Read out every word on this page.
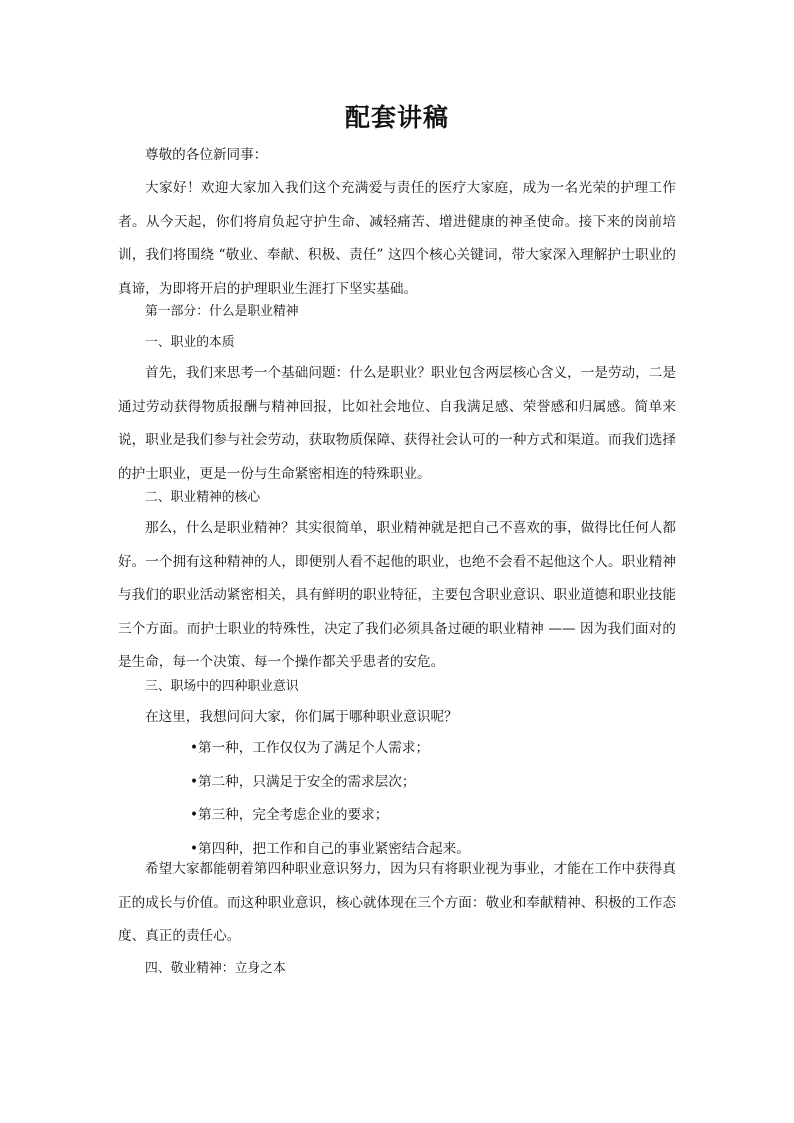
配套讲稿
尊敬的各位新同事：
大家好！欢迎大家加入我们这个充满爱与责任的医疗大家庭，成为一名光荣的护理工作者。从今天起，你们将肩负起守护生命、减轻痛苦、增进健康的神圣使命。接下来的岗前培训，我们将围绕 “敬业、奉献、积极、责任” 这四个核心关键词，带大家深入理解护士职业的真谛，为即将开启的护理职业生涯打下坚实基础。
第一部分：什么是职业精神
一、职业的本质
首先，我们来思考一个基础问题：什么是职业？职业包含两层核心含义，一是劳动，二是通过劳动获得物质报酬与精神回报，比如社会地位、自我满足感、荣誉感和归属感。简单来说，职业是我们参与社会劳动，获取物质保障、获得社会认可的一种方式和渠道。而我们选择的护士职业，更是一份与生命紧密相连的特殊职业。
二、职业精神的核心
那么，什么是职业精神？其实很简单，职业精神就是把自己不喜欢的事，做得比任何人都好。一个拥有这种精神的人，即便别人看不起他的职业，也绝不会看不起他这个人。职业精神与我们的职业活动紧密相关，具有鲜明的职业特征，主要包含职业意识、职业道德和职业技能三个方面。而护士职业的特殊性，决定了我们必须具备过硬的职业精神 —— 因为我们面对的是生命，每一个决策、每一个操作都关乎患者的安危。
三、职场中的四种职业意识
在这里，我想问问大家，你们属于哪种职业意识呢？
•第一种，工作仅仅为了满足个人需求；
•第二种，只满足于安全的需求层次；
•第三种，完全考虑企业的要求；
•第四种，把工作和自己的事业紧密结合起来。
希望大家都能朝着第四种职业意识努力，因为只有将职业视为事业，才能在工作中获得真正的成长与价值。而这种职业意识，核心就体现在三个方面：敬业和奉献精神、积极的工作态度、真正的责任心。
四、敬业精神：立身之本
